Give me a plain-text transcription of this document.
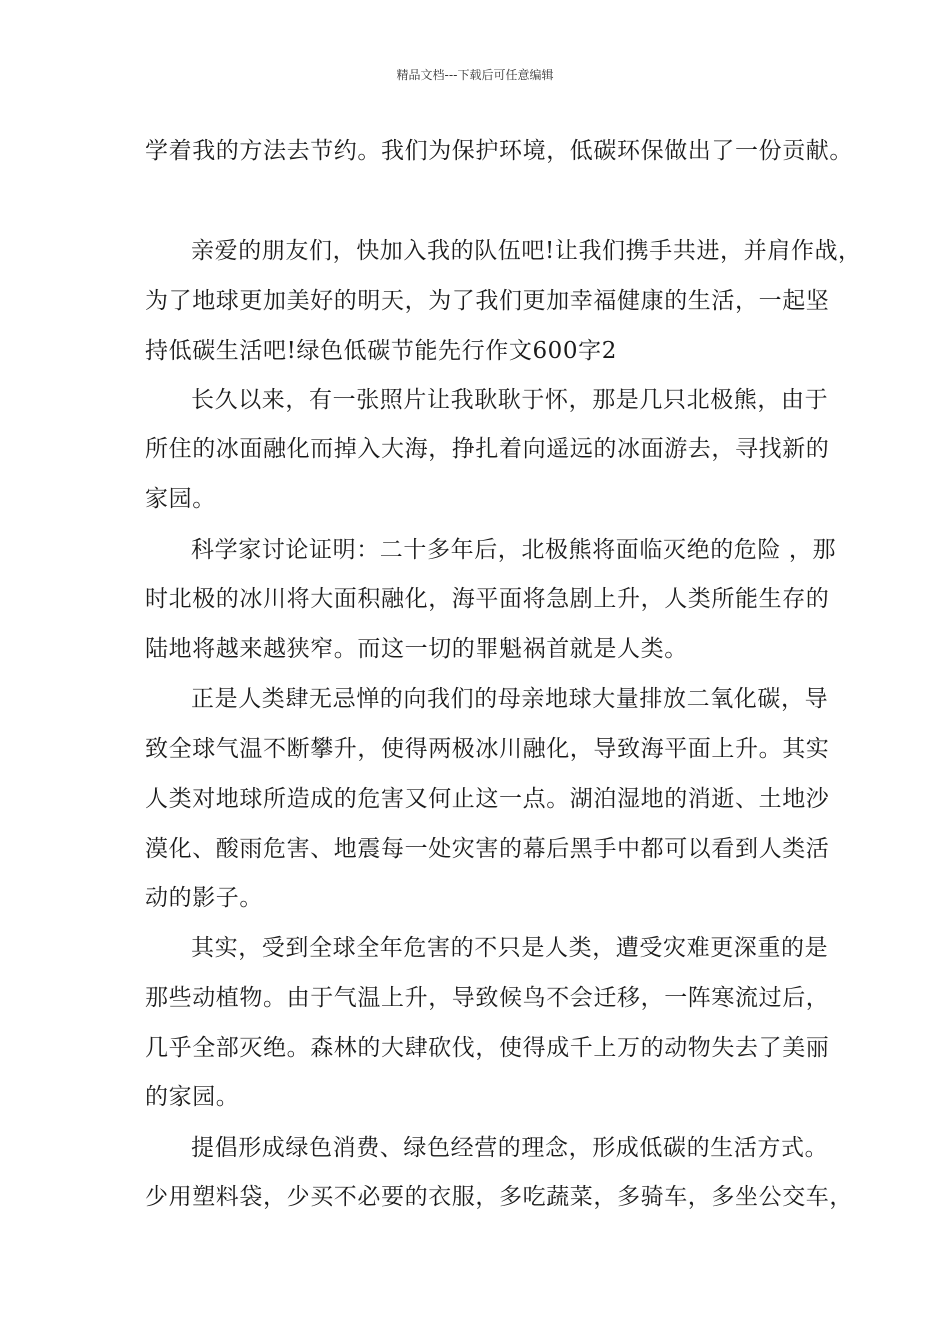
精品文档---下载后可任意编辑
学着我的方法去节约。我们为保护环境，低碳环保做出了一份贡献。
亲爱的朋友们，快加入我的队伍吧!让我们携手共进，并肩作战，
为了地球更加美好的明天，为了我们更加幸福健康的生活，一起坚
持低碳生活吧!绿色低碳节能先行作文600字2
长久以来，有一张照片让我耿耿于怀，那是几只北极熊，由于
所住的冰面融化而掉入大海，挣扎着向遥远的冰面游去，寻找新的
家园。
科学家讨论证明：二十多年后，北极熊将面临灭绝的危险 ，那
时北极的冰川将大面积融化，海平面将急剧上升，人类所能生存的
陆地将越来越狭窄。而这一切的罪魁祸首就是人类。
正是人类肆无忌惮的向我们的母亲地球大量排放二氧化碳，导
致全球气温不断攀升，使得两极冰川融化，导致海平面上升。其实
人类对地球所造成的危害又何止这一点。湖泊湿地的消逝、土地沙
漠化、酸雨危害、地震每一处灾害的幕后黑手中都可以看到人类活
动的影子。
其实，受到全球全年危害的不只是人类，遭受灾难更深重的是
那些动植物。由于气温上升，导致候鸟不会迁移，一阵寒流过后，
几乎全部灭绝。森林的大肆砍伐，使得成千上万的动物失去了美丽
的家园。
提倡形成绿色消费、绿色经营的理念，形成低碳的生活方式。
少用塑料袋，少买不必要的衣服，多吃蔬菜，多骑车，多坐公交车，
